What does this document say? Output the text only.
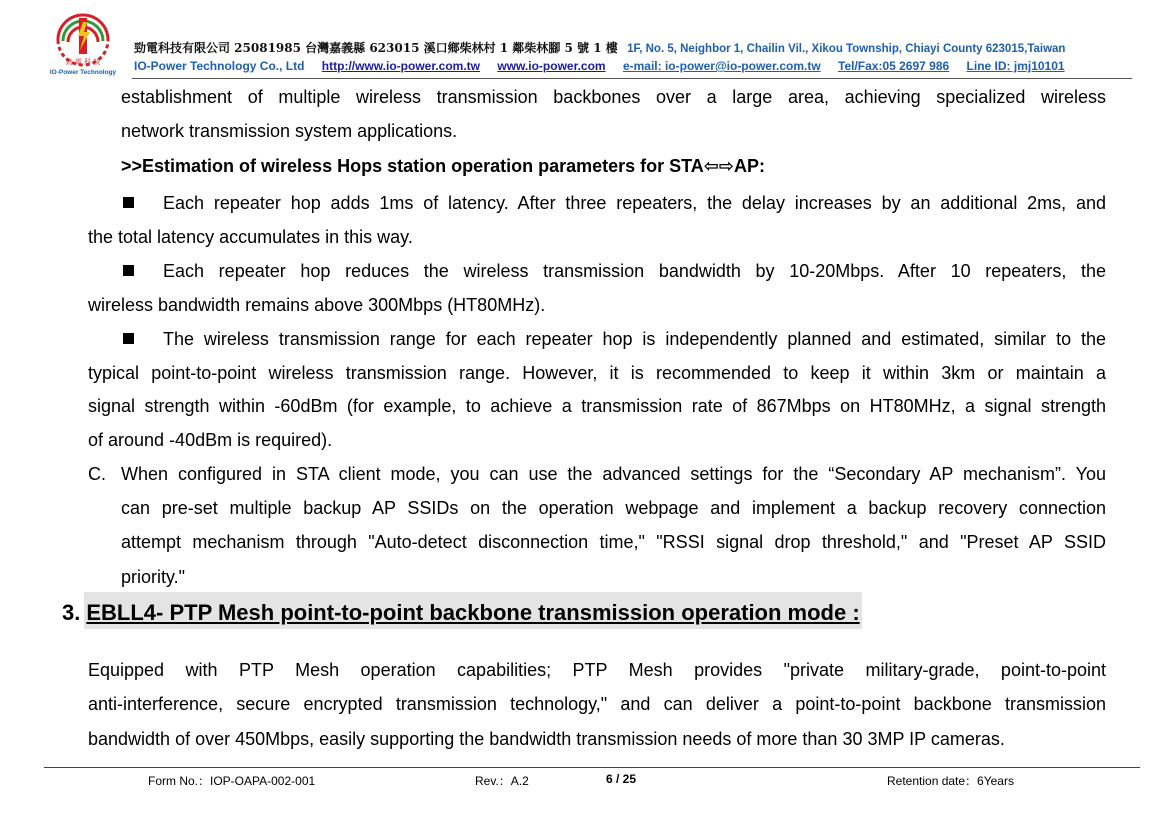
勁 電 科 技
IO-Power Technology
勁電科技有限公司 25081985 台灣嘉義縣 623015 溪口鄉柴林村 1 鄰柴林腳 5 號 1 樓 1F, No. 5, Neighbor 1, Chailin Vil., Xikou Township, Chiayi County 623015,Taiwan
IO-Power Technology Co., Ltd http://www.io-power.com.tw www.io-power.com e-mail: io-power@io-power.com.tw Tel/Fax:05 2697 986 Line ID: jmj10101
establishment of multiple wireless transmission backbones over a large area, achieving specialized wireless
network transmission system applications.
>>Estimation of wireless Hops station operation parameters for STA⇦⇨AP:
Each repeater hop adds 1ms of latency. After three repeaters, the delay increases by an additional 2ms, and
the total latency accumulates in this way.
Each repeater hop reduces the wireless transmission bandwidth by 10-20Mbps. After 10 repeaters, the
wireless bandwidth remains above 300Mbps (HT80MHz).
The wireless transmission range for each repeater hop is independently planned and estimated, similar to the
typical point-to-point wireless transmission range. However, it is recommended to keep it within 3km or maintain a
signal strength within -60dBm (for example, to achieve a transmission rate of 867Mbps on HT80MHz, a signal strength
of around -40dBm is required).
C. When configured in STA client mode, you can use the advanced settings for the “Secondary AP mechanism”. You
can pre-set multiple backup AP SSIDs on the operation webpage and implement a backup recovery connection
attempt mechanism through "Auto-detect disconnection time," "RSSI signal drop threshold," and "Preset AP SSID
priority."
3. EBLL4- PTP Mesh point-to-point backbone transmission operation mode :
Equipped with PTP Mesh operation capabilities; PTP Mesh provides "private military-grade, point-to-point
anti-interference, secure encrypted transmission technology," and can deliver a point-to-point backbone transmission
bandwidth of over 450Mbps, easily supporting the bandwidth transmission needs of more than 30 3MP IP cameras.
Form No.：IOP-OAPA-002-001	Rev.：A.2	6 / 25	Retention date：6Years
